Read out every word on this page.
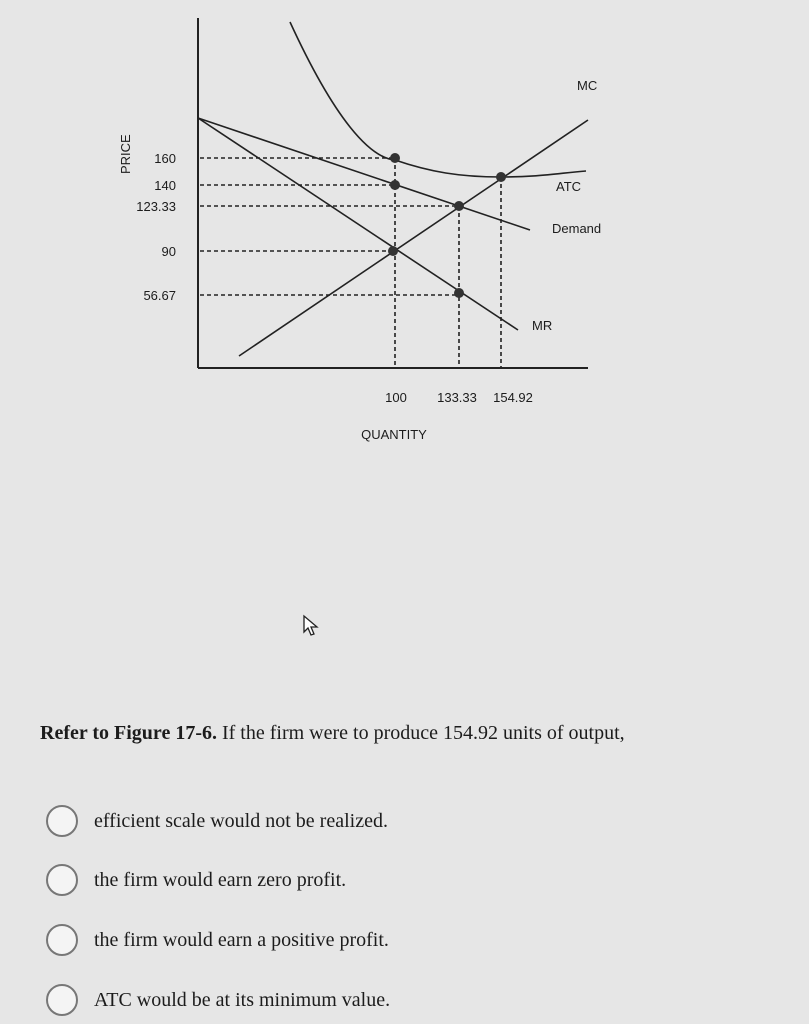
MC
ATC
Demand
MR
160
140
123.33
90
56.67
PRICE
100 133.33 154.92
QUANTITY
Refer to Figure 17-6. If the firm were to produce 154.92 units of output,
efficient scale would not be realized.
the firm would earn zero profit.
the firm would earn a positive profit.
ATC would be at its minimum value.
